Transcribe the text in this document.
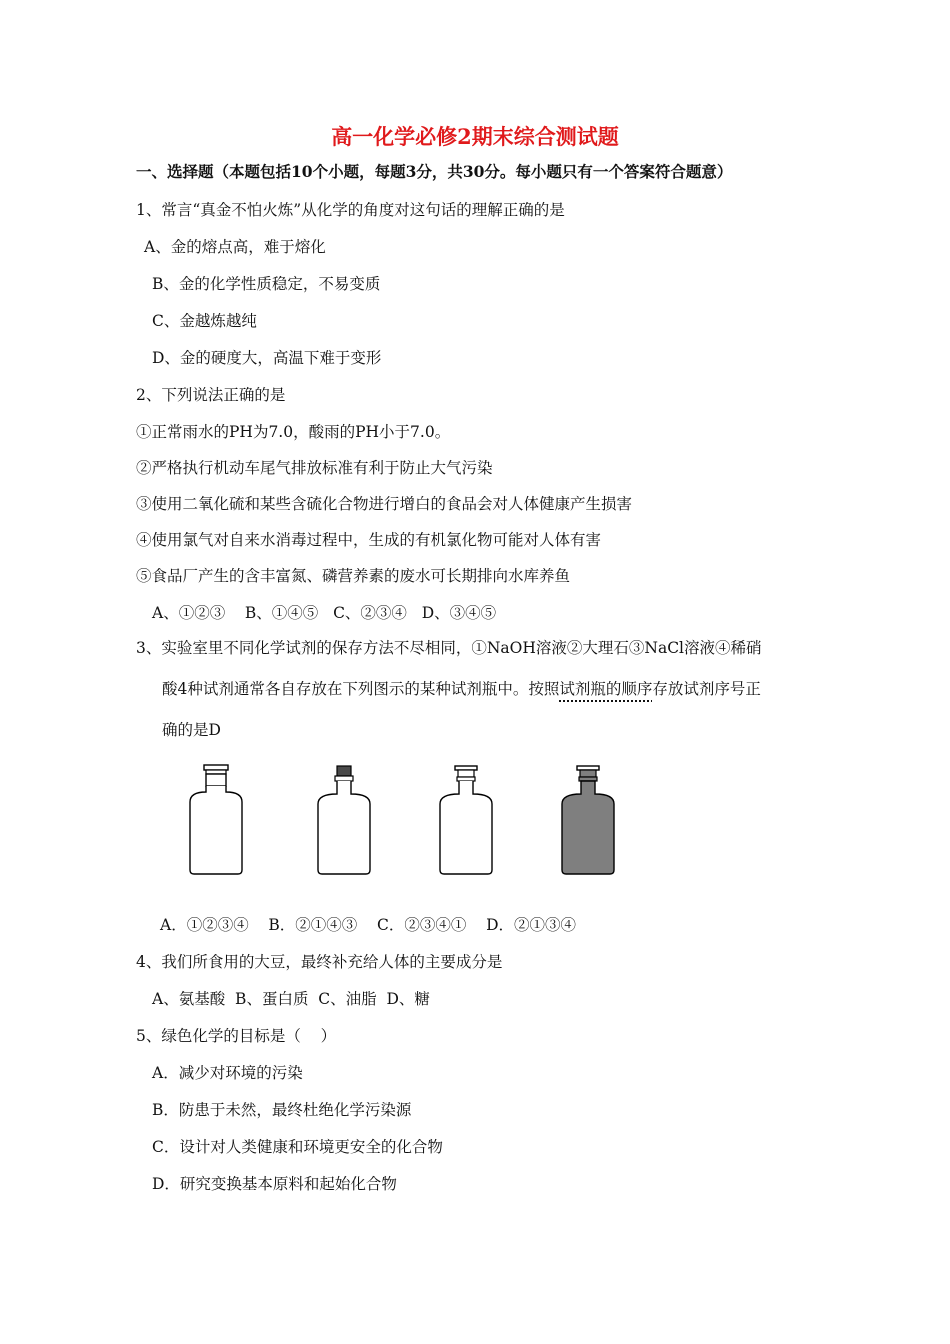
高一化学必修2期末综合测试题
一、选择题（本题包括10个小题，每题3分，共30分。每小题只有一个答案符合题意）
1、常言“真金不怕火炼”从化学的角度对这句话的理解正确的是
A、金的熔点高，难于熔化
B、金的化学性质稳定，不易变质
C、金越炼越纯
D、金的硬度大，高温下难于变形
2、下列说法正确的是
①正常雨水的PH为7.0，酸雨的PH小于7.0。
②严格执行机动车尾气排放标准有利于防止大气污染
③使用二氧化硫和某些含硫化合物进行增白的食品会对人体健康产生损害
④使用氯气对自来水消毒过程中，生成的有机氯化物可能对人体有害
⑤食品厂产生的含丰富氮、磷营养素的废水可长期排向水库养鱼
A、①②③    B、①④⑤   C、②③④   D、③④⑤
3、实验室里不同化学试剂的保存方法不尽相同，①NaOH溶液②大理石③NaCl溶液④稀硝
酸4种试剂通常各自存放在下列图示的某种试剂瓶中。按照试剂瓶的顺序存放试剂序号正
确的是D
A．①②③④    B．②①④③    C．②③④①    D．②①③④
4、我们所食用的大豆，最终补充给人体的主要成分是
A、氨基酸  B、蛋白质  C、油脂  D、糖
5、绿色化学的目标是（    ）
A．减少对环境的污染
B．防患于未然，最终杜绝化学污染源
C．设计对人类健康和环境更安全的化合物
D．研究变换基本原料和起始化合物
